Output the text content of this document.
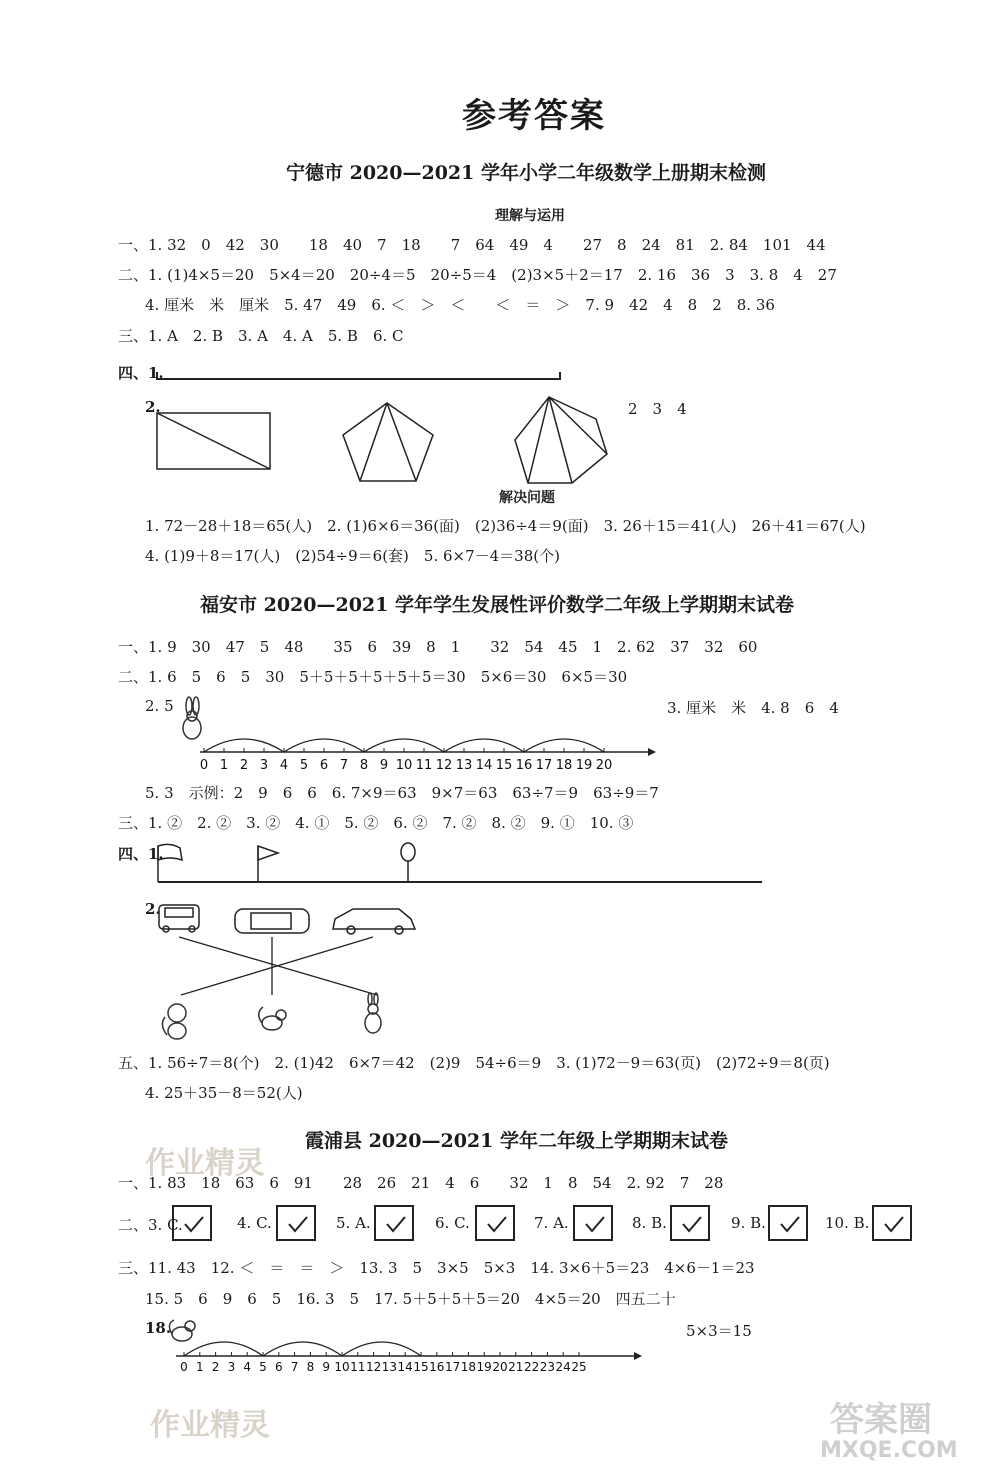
参考答案
宁德市 2020—2021 学年小学二年级数学上册期末检测
理解与运用
一、1. 32　0　42　30　　18　40　7　18　　7　64　49　4　　27　8　24　81　2. 84　101　44
二、1. (1)4×5＝20　5×4＝20　20÷4＝5　20÷5＝4　(2)3×5＋2＝17　2. 16　36　3　3. 8　4　27
4. 厘米　米　厘米　5. 47　49　6. ＜　＞　＜　　＜　＝　＞　7. 9　42　4　8　2　8. 36
三、1. A　2. B　3. A　4. A　5. B　6. C
四、1.
2.	2　3　4
解决问题
1. 72－28＋18＝65(人)　2. (1)6×6＝36(面)　(2)36÷4＝9(面)　3. 26＋15＝41(人)　26＋41＝67(人)
4. (1)9＋8＝17(人)　(2)54÷9＝6(套)　5. 6×7－4＝38(个)
福安市 2020—2021 学年学生发展性评价数学二年级上学期期末试卷
一、1. 9　30　47　5　48　　35　6　39　8　1　　32　54　45　1　2. 62　37　32　60
二、1. 6　5　6　5　30　5＋5＋5＋5＋5＋5＝30　5×6＝30　6×5＝30
2. 5	3. 厘米　米　4. 8　6　4
0 1 2 3 4 5 6 7 8 9 10 11 12 13 14 15 16 17 18 19 20
5. 3　示例：2　9　6　6　6. 7×9＝63　9×7＝63　63÷7＝9　63÷9＝7
三、1. ②　2. ②　3. ②　4. ①　5. ②　6. ②　7. ②　8. ②　9. ①　10. ③
四、1.
2.
五、1. 56÷7＝8(个)　2. (1)42　6×7＝42　(2)9　54÷6＝9　3. (1)72－9＝63(页)　(2)72÷9＝8(页)
4. 25＋35－8＝52(人)
霞浦县 2020—2021 学年二年级上学期期末试卷
作业精灵
一、1. 83　18　63　6　91　　28　26　21　4　6　　32　1　8　54　2. 92　7　28
二、3. C.	4. C.	5. A.	6. C.	7. A.	8. B.	9. B.	10. B.
三、11. 43　12. ＜　＝　＝　＞　13. 3　5　3×5　5×3　14. 3×6＋5＝23　4×6－1＝23
15. 5　6　9　6　5　16. 3　5　17. 5＋5＋5＋5＝20　4×5＝20　四五二十
18.	5×3＝15
0 1 2 3 4 5 6 7 8 9 10 11 12 13 14 15 16 17 18 19 20 21 22 23 24 25
作业精灵	答案圈
MXQE.COM
